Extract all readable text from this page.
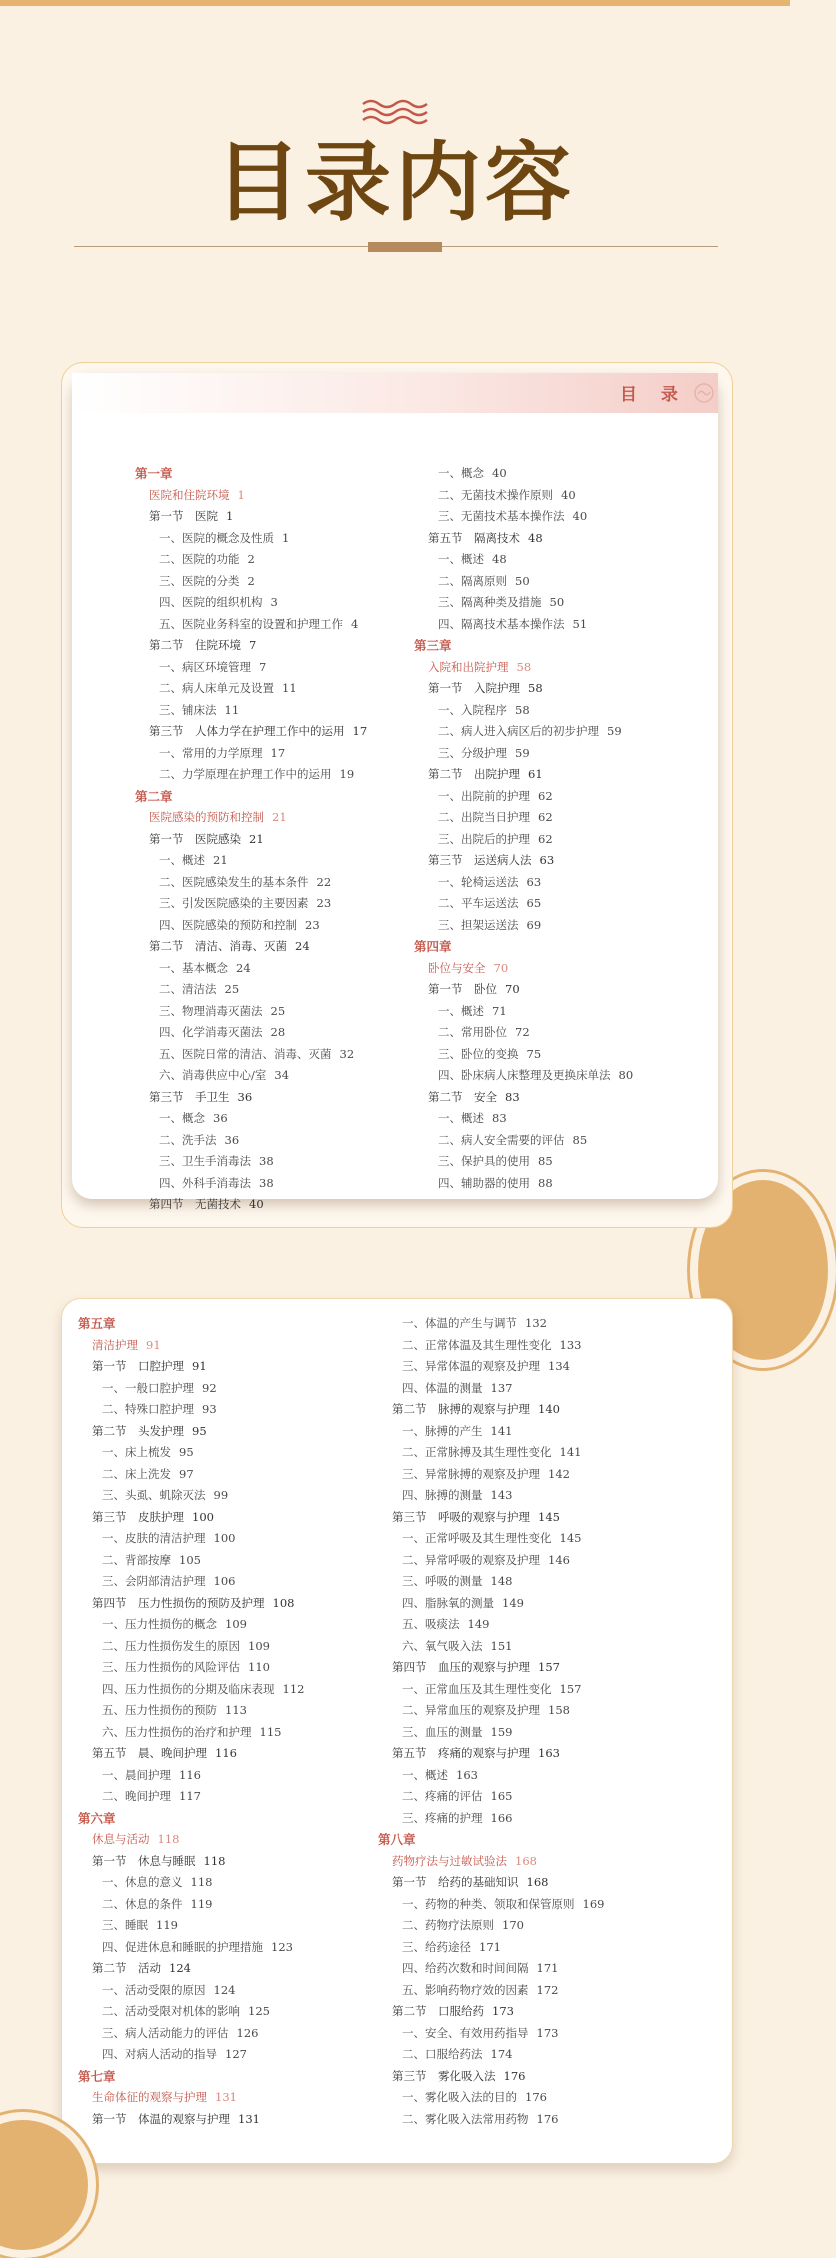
目录内容
目 录
第一章
医院和住院环境 1
第一节　医院 1
一、医院的概念及性质 1
二、医院的功能 2
三、医院的分类 2
四、医院的组织机构 3
五、医院业务科室的设置和护理工作 4
第二节　住院环境 7
一、病区环境管理 7
二、病人床单元及设置 11
三、铺床法 11
第三节　人体力学在护理工作中的运用 17
一、常用的力学原理 17
二、力学原理在护理工作中的运用 19
第二章
医院感染的预防和控制 21
第一节　医院感染 21
一、概述 21
二、医院感染发生的基本条件 22
三、引发医院感染的主要因素 23
四、医院感染的预防和控制 23
第二节　清洁、消毒、灭菌 24
一、基本概念 24
二、清洁法 25
三、物理消毒灭菌法 25
四、化学消毒灭菌法 28
五、医院日常的清洁、消毒、灭菌 32
六、消毒供应中心/室 34
第三节　手卫生 36
一、概念 36
二、洗手法 36
三、卫生手消毒法 38
四、外科手消毒法 38
第四节　无菌技术 40
一、概念 40
二、无菌技术操作原则 40
三、无菌技术基本操作法 40
第五节　隔离技术 48
一、概述 48
二、隔离原则 50
三、隔离种类及措施 50
四、隔离技术基本操作法 51
第三章
入院和出院护理 58
第一节　入院护理 58
一、入院程序 58
二、病人进入病区后的初步护理 59
三、分级护理 59
第二节　出院护理 61
一、出院前的护理 62
二、出院当日护理 62
三、出院后的护理 62
第三节　运送病人法 63
一、轮椅运送法 63
二、平车运送法 65
三、担架运送法 69
第四章
卧位与安全 70
第一节　卧位 70
一、概述 71
二、常用卧位 72
三、卧位的变换 75
四、卧床病人床整理及更换床单法 80
第二节　安全 83
一、概述 83
二、病人安全需要的评估 85
三、保护具的使用 85
四、辅助器的使用 88
第五章
清洁护理 91
第一节　口腔护理 91
一、一般口腔护理 92
二、特殊口腔护理 93
第二节　头发护理 95
一、床上梳发 95
二、床上洗发 97
三、头虱、虮除灭法 99
第三节　皮肤护理 100
一、皮肤的清洁护理 100
二、背部按摩 105
三、会阴部清洁护理 106
第四节　压力性损伤的预防及护理 108
一、压力性损伤的概念 109
二、压力性损伤发生的原因 109
三、压力性损伤的风险评估 110
四、压力性损伤的分期及临床表现 112
五、压力性损伤的预防 113
六、压力性损伤的治疗和护理 115
第五节　晨、晚间护理 116
一、晨间护理 116
二、晚间护理 117
第六章
休息与活动 118
第一节　休息与睡眠 118
一、休息的意义 118
二、休息的条件 119
三、睡眠 119
四、促进休息和睡眠的护理措施 123
第二节　活动 124
一、活动受限的原因 124
二、活动受限对机体的影响 125
三、病人活动能力的评估 126
四、对病人活动的指导 127
第七章
生命体征的观察与护理 131
第一节　体温的观察与护理 131
一、体温的产生与调节 132
二、正常体温及其生理性变化 133
三、异常体温的观察及护理 134
四、体温的测量 137
第二节　脉搏的观察与护理 140
一、脉搏的产生 141
二、正常脉搏及其生理性变化 141
三、异常脉搏的观察及护理 142
四、脉搏的测量 143
第三节　呼吸的观察与护理 145
一、正常呼吸及其生理性变化 145
二、异常呼吸的观察及护理 146
三、呼吸的测量 148
四、脂脉氧的测量 149
五、吸痰法 149
六、氧气吸入法 151
第四节　血压的观察与护理 157
一、正常血压及其生理性变化 157
二、异常血压的观察及护理 158
三、血压的测量 159
第五节　疼痛的观察与护理 163
一、概述 163
二、疼痛的评估 165
三、疼痛的护理 166
第八章
药物疗法与过敏试验法 168
第一节　给药的基础知识 168
一、药物的种类、领取和保管原则 169
二、药物疗法原则 170
三、给药途径 171
四、给药次数和时间间隔 171
五、影响药物疗效的因素 172
第二节　口服给药 173
一、安全、有效用药指导 173
二、口服给药法 174
第三节　雾化吸入法 176
一、雾化吸入法的目的 176
二、雾化吸入法常用药物 176
